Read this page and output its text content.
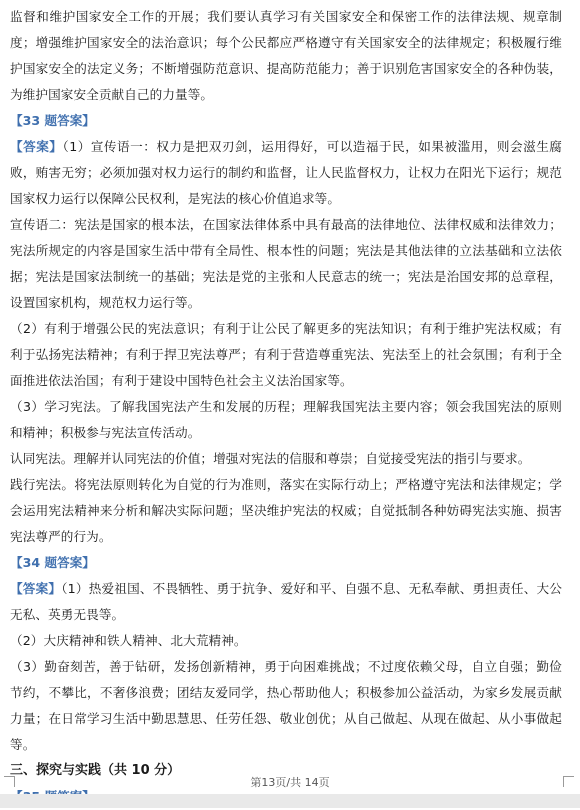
监督和维护国家安全工作的开展；我们要认真学习有关国家安全和保密工作的法律法规、规章制度；增强维护国家安全的法治意识；每个公民都应严格遵守有关国家安全的法律规定；积极履行维护国家安全的法定义务；不断增强防范意识、提高防范能力；善于识别危害国家安全的各种伪装，为维护国家安全贡献自己的力量等。

【33 题答案】

【答案】（1）宣传语一：权力是把双刃剑，运用得好，可以造福于民，如果被滥用，则会滋生腐败，贿害无穷；必须加强对权力运行的制约和监督，让人民监督权力，让权力在阳光下运行；规范国家权力运行以保障公民权利，是宪法的核心价值追求等。

宣传语二：宪法是国家的根本法，在国家法律体系中具有最高的法律地位、法律权威和法律效力；宪法所规定的内容是国家生活中带有全局性、根本性的问题；宪法是其他法律的立法基础和立法依据；宪法是国家法制统一的基础；宪法是党的主张和人民意志的统一；宪法是治国安邦的总章程，设置国家机构，规范权力运行等。

（2）有利于增强公民的宪法意识；有利于让公民了解更多的宪法知识；有利于维护宪法权威；有利于弘扬宪法精神；有利于捍卫宪法尊严；有利于营造尊重宪法、宪法至上的社会氛围；有利于全面推进依法治国；有利于建设中国特色社会主义法治国家等。

（3）学习宪法。了解我国宪法产生和发展的历程；理解我国宪法主要内容；领会我国宪法的原则和精神；积极参与宪法宣传活动。

认同宪法。理解并认同宪法的价值；增强对宪法的信服和尊崇；自觉接受宪法的指引与要求。

践行宪法。将宪法原则转化为自觉的行为准则，落实在实际行动上；严格遵守宪法和法律规定；学会运用宪法精神来分析和解决实际问题；坚决维护宪法的权威；自觉抵制各种妨碍宪法实施、损害宪法尊严的行为。

【34 题答案】

【答案】（1）热爱祖国、不畏牺牲、勇于抗争、爱好和平、自强不息、无私奉献、勇担责任、大公无私、英勇无畏等。

（2）大庆精神和铁人精神、北大荒精神。

（3）勤奋刻苦，善于钻研，发扬创新精神，勇于向困难挑战；不过度依赖父母，自立自强；勤俭节约，不攀比，不奢侈浪费；团结友爱同学，热心帮助他人；积极参加公益活动，为家乡发展贡献力量；在日常学习生活中勤思慧思、任劳任怨、敬业创优；从自己做起、从现在做起、从小事做起等。

三、探究与实践（共 10 分）

第13页/共 14页
